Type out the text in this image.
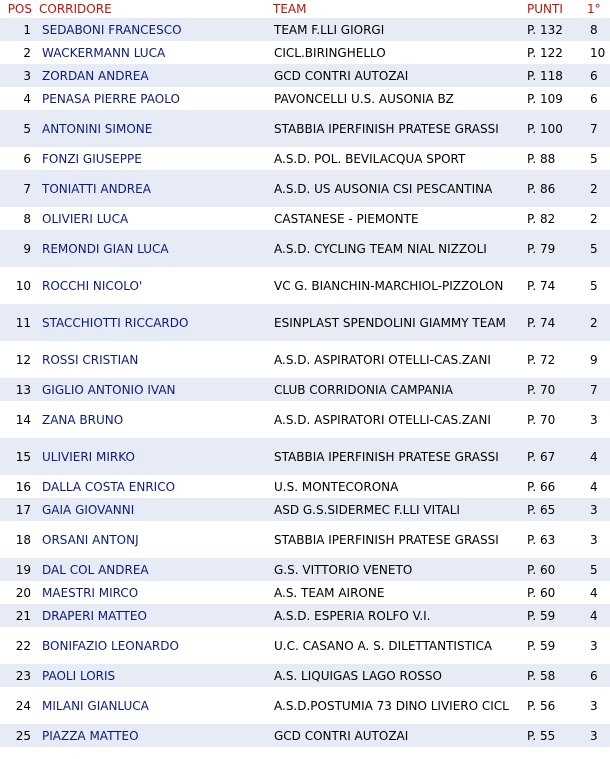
POS	CORRIDORE	TEAM	PUNTI	1°
1	SEDABONI FRANCESCO	TEAM F.LLI GIORGI	P. 132	8
2	WACKERMANN LUCA	CICL.BIRINGHELLO	P. 122	10
3	ZORDAN ANDREA	GCD CONTRI AUTOZAI	P. 118	6
4	PENASA PIERRE PAOLO	PAVONCELLI U.S. AUSONIA BZ	P. 109	6
5	ANTONINI SIMONE	STABBIA IPERFINISH PRATESE GRASSI	P. 100	7
6	FONZI GIUSEPPE	A.S.D. POL. BEVILACQUA SPORT	P. 88	5
7	TONIATTI ANDREA	A.S.D. US AUSONIA CSI PESCANTINA	P. 86	2
8	OLIVIERI LUCA	CASTANESE - PIEMONTE	P. 82	2
9	REMONDI GIAN LUCA	A.S.D. CYCLING TEAM NIAL NIZZOLI	P. 79	5
10	ROCCHI NICOLO'	VC G. BIANCHIN-MARCHIOL-PIZZOLON	P. 74	5
11	STACCHIOTTI RICCARDO	ESINPLAST SPENDOLINI GIAMMY TEAM	P. 74	2
12	ROSSI CRISTIAN	A.S.D. ASPIRATORI OTELLI-CAS.ZANI	P. 72	9
13	GIGLIO ANTONIO IVAN	CLUB CORRIDONIA CAMPANIA	P. 70	7
14	ZANA BRUNO	A.S.D. ASPIRATORI OTELLI-CAS.ZANI	P. 70	3
15	ULIVIERI MIRKO	STABBIA IPERFINISH PRATESE GRASSI	P. 67	4
16	DALLA COSTA ENRICO	U.S. MONTECORONA	P. 66	4
17	GAIA GIOVANNI	ASD G.S.SIDERMEC F.LLI VITALI	P. 65	3
18	ORSANI ANTONJ	STABBIA IPERFINISH PRATESE GRASSI	P. 63	3
19	DAL COL ANDREA	G.S. VITTORIO VENETO	P. 60	5
20	MAESTRI MIRCO	A.S. TEAM AIRONE	P. 60	4
21	DRAPERI MATTEO	A.S.D. ESPERIA ROLFO V.I.	P. 59	4
22	BONIFAZIO LEONARDO	U.C. CASANO A. S. DILETTANTISTICA	P. 59	3
23	PAOLI LORIS	A.S. LIQUIGAS LAGO ROSSO	P. 58	6
24	MILANI GIANLUCA	A.S.D.POSTUMIA 73 DINO LIVIERO CICL	P. 56	3
25	PIAZZA MATTEO	GCD CONTRI AUTOZAI	P. 55	3
